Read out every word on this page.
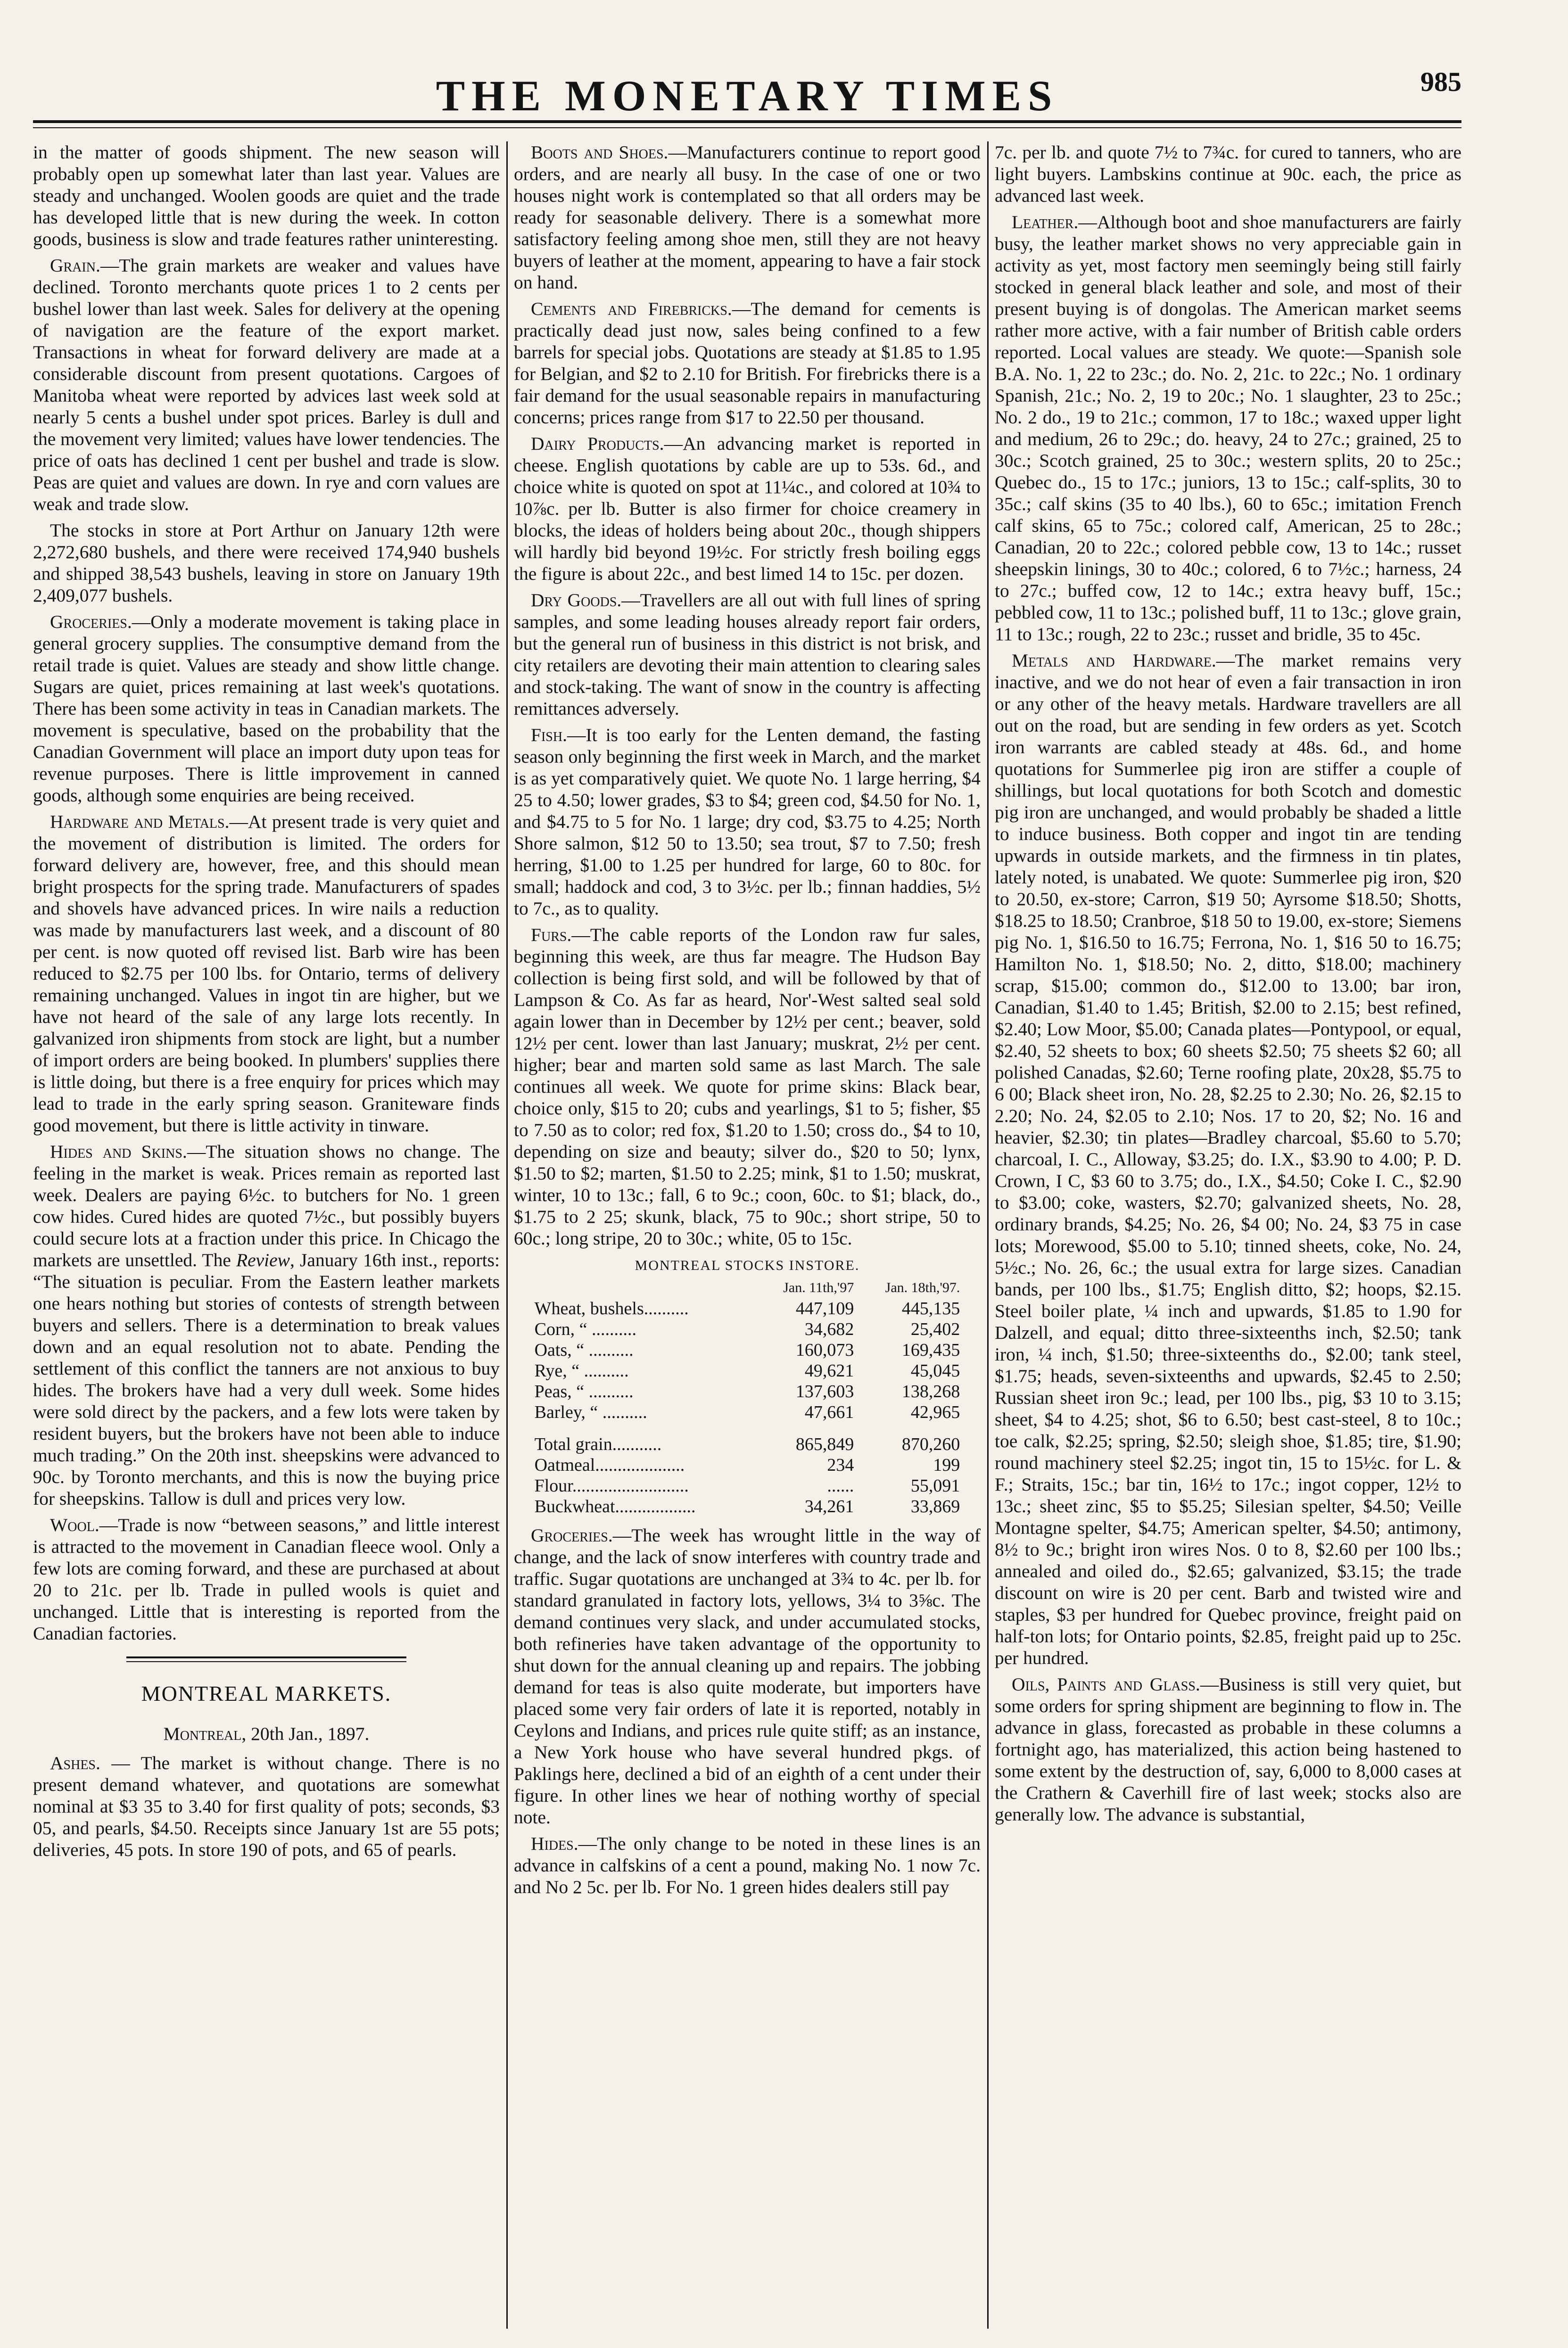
THE MONETARY TIMES	985

in the matter of goods shipment. The new season will probably open up somewhat later than last year. Values are steady and unchanged. Woolen goods are quiet and the trade has developed little that is new during the week. In cotton goods, business is slow and trade features rather uninteresting.

Grain.—The grain markets are weaker and values have declined. Toronto merchants quote prices 1 to 2 cents per bushel lower than last week. Sales for delivery at the opening of navigation are the feature of the export market. Transactions in wheat for forward delivery are made at a considerable discount from present quotations. Cargoes of Manitoba wheat were reported by advices last week sold at nearly 5 cents a bushel under spot prices. Barley is dull and the movement very limited; values have lower tendencies. The price of oats has declined 1 cent per bushel and trade is slow. Peas are quiet and values are down. In rye and corn values are weak and trade slow.

The stocks in store at Port Arthur on January 12th were 2,272,680 bushels, and there were received 174,940 bushels and shipped 38,543 bushels, leaving in store on January 19th 2,409,077 bushels.

Groceries.—Only a moderate movement is taking place in general grocery supplies. The consumptive demand from the retail trade is quiet. Values are steady and show little change. Sugars are quiet, prices remaining at last week's quotations. There has been some activity in teas in Canadian markets. The movement is speculative, based on the probability that the Canadian Government will place an import duty upon teas for revenue purposes. There is little improvement in canned goods, although some enquiries are being received.

Hardware and Metals.—At present trade is very quiet and the movement of distribution is limited. The orders for forward delivery are, however, free, and this should mean bright prospects for the spring trade. Manufacturers of spades and shovels have advanced prices. In wire nails a reduction was made by manufacturers last week, and a discount of 80 per cent. is now quoted off revised list. Barb wire has been reduced to $2.75 per 100 lbs. for Ontario, terms of delivery remaining unchanged. Values in ingot tin are higher, but we have not heard of the sale of any large lots recently. In galvanized iron shipments from stock are light, but a number of import orders are being booked. In plumbers' supplies there is little doing, but there is a free enquiry for prices which may lead to trade in the early spring season. Graniteware finds good movement, but there is little activity in tinware.

Hides and Skins.—The situation shows no change. The feeling in the market is weak. Prices remain as reported last week. Dealers are paying 6½c. to butchers for No. 1 green cow hides. Cured hides are quoted 7½c., but possibly buyers could secure lots at a fraction under this price. In Chicago the markets are unsettled. The Review, January 16th inst., reports: “The situation is peculiar. From the Eastern leather markets one hears nothing but stories of contests of strength between buyers and sellers. There is a determination to break values down and an equal resolution not to abate. Pending the settlement of this conflict the tanners are not anxious to buy hides. The brokers have had a very dull week. Some hides were sold direct by the packers, and a few lots were taken by resident buyers, but the brokers have not been able to induce much trading.” On the 20th inst. sheepskins were advanced to 90c. by Toronto merchants, and this is now the buying price for sheepskins. Tallow is dull and prices very low.

Wool.—Trade is now “between seasons,” and little interest is attracted to the movement in Canadian fleece wool. Only a few lots are coming forward, and these are purchased at about 20 to 21c. per lb. Trade in pulled wools is quiet and unchanged. Little that is interesting is reported from the Canadian factories.

MONTREAL MARKETS.
Montreal, 20th Jan., 1897.

Ashes. — The market is without change. There is no present demand whatever, and quotations are somewhat nominal at $3 35 to 3.40 for first quality of pots; seconds, $3 05, and pearls, $4.50. Receipts since January 1st are 55 pots; deliveries, 45 pots. In store 190 of pots, and 65 of pearls.

Boots and Shoes.—Manufacturers continue to report good orders, and are nearly all busy. In the case of one or two houses night work is contemplated so that all orders may be ready for seasonable delivery. There is a somewhat more satisfactory feeling among shoe men, still they are not heavy buyers of leather at the moment, appearing to have a fair stock on hand.

Cements and Firebricks.—The demand for cements is practically dead just now, sales being confined to a few barrels for special jobs. Quotations are steady at $1.85 to 1.95 for Belgian, and $2 to 2.10 for British. For firebricks there is a fair demand for the usual seasonable repairs in manufacturing concerns; prices range from $17 to 22.50 per thousand.

Dairy Products.—An advancing market is reported in cheese. English quotations by cable are up to 53s. 6d., and choice white is quoted on spot at 11¼c., and colored at 10¾ to 10⅞c. per lb. Butter is also firmer for choice creamery in blocks, the ideas of holders being about 20c., though shippers will hardly bid beyond 19½c. For strictly fresh boiling eggs the figure is about 22c., and best limed 14 to 15c. per dozen.

Dry Goods.—Travellers are all out with full lines of spring samples, and some leading houses already report fair orders, but the general run of business in this district is not brisk, and city retailers are devoting their main attention to clearing sales and stock-taking. The want of snow in the country is affecting remittances adversely.

Fish.—It is too early for the Lenten demand, the fasting season only beginning the first week in March, and the market is as yet comparatively quiet. We quote No. 1 large herring, $4 25 to 4.50; lower grades, $3 to $4; green cod, $4.50 for No. 1, and $4.75 to 5 for No. 1 large; dry cod, $3.75 to 4.25; North Shore salmon, $12 50 to 13.50; sea trout, $7 to 7.50; fresh herring, $1.00 to 1.25 per hundred for large, 60 to 80c. for small; haddock and cod, 3 to 3½c. per lb.; finnan haddies, 5½ to 7c., as to quality.

Furs.—The cable reports of the London raw fur sales, beginning this week, are thus far meagre. The Hudson Bay collection is being first sold, and will be followed by that of Lampson & Co. As far as heard, Nor'-West salted seal sold again lower than in December by 12½ per cent.; beaver, sold 12½ per cent. lower than last January; muskrat, 2½ per cent. higher; bear and marten sold same as last March. The sale continues all week. We quote for prime skins: Black bear, choice only, $15 to 20; cubs and yearlings, $1 to 5; fisher, $5 to 7.50 as to color; red fox, $1.20 to 1.50; cross do., $4 to 10, depending on size and beauty; silver do., $20 to 50; lynx, $1.50 to $2; marten, $1.50 to 2.25; mink, $1 to 1.50; muskrat, winter, 10 to 13c.; fall, 6 to 9c.; coon, 60c. to $1; black, do., $1.75 to 2 25; skunk, black, 75 to 90c.; short stripe, 50 to 60c.; long stripe, 20 to 30c.; white, 05 to 15c.

MONTREAL STOCKS INSTORE.
	Jan. 11th,'97	Jan. 18th,'97.
Wheat, bushels..........	447,109	445,135
Corn, “ ..........	34,682	25,402
Oats, “ ..........	160,073	169,435
Rye, “ ..........	49,621	45,045
Peas, “ ..........	137,603	138,268
Barley, “ ..........	47,661	42,965
Total grain...........	865,849	870,260
Oatmeal....................	234	199
Flour..........................	......	55,091
Buckwheat..................	34,261	33,869

Groceries.—The week has wrought little in the way of change, and the lack of snow interferes with country trade and traffic. Sugar quotations are unchanged at 3¾ to 4c. per lb. for standard granulated in factory lots, yellows, 3¼ to 3⅝c. The demand continues very slack, and under accumulated stocks, both refineries have taken advantage of the opportunity to shut down for the annual cleaning up and repairs. The jobbing demand for teas is also quite moderate, but importers have placed some very fair orders of late it is reported, notably in Ceylons and Indians, and prices rule quite stiff; as an instance, a New York house who have several hundred pkgs. of Paklings here, declined a bid of an eighth of a cent under their figure. In other lines we hear of nothing worthy of special note.

Hides.—The only change to be noted in these lines is an advance in calfskins of a cent a pound, making No. 1 now 7c. and No 2 5c. per lb. For No. 1 green hides dealers still pay

7c. per lb. and quote 7½ to 7¾c. for cured to tanners, who are light buyers. Lambskins continue at 90c. each, the price as advanced last week.

Leather.—Although boot and shoe manufacturers are fairly busy, the leather market shows no very appreciable gain in activity as yet, most factory men seemingly being still fairly stocked in general black leather and sole, and most of their present buying is of dongolas. The American market seems rather more active, with a fair number of British cable orders reported. Local values are steady. We quote:—Spanish sole B.A. No. 1, 22 to 23c.; do. No. 2, 21c. to 22c.; No. 1 ordinary Spanish, 21c.; No. 2, 19 to 20c.; No. 1 slaughter, 23 to 25c.; No. 2 do., 19 to 21c.; common, 17 to 18c.; waxed upper light and medium, 26 to 29c.; do. heavy, 24 to 27c.; grained, 25 to 30c.; Scotch grained, 25 to 30c.; western splits, 20 to 25c.; Quebec do., 15 to 17c.; juniors, 13 to 15c.; calf-splits, 30 to 35c.; calf skins (35 to 40 lbs.), 60 to 65c.; imitation French calf skins, 65 to 75c.; colored calf, American, 25 to 28c.; Canadian, 20 to 22c.; colored pebble cow, 13 to 14c.; russet sheepskin linings, 30 to 40c.; colored, 6 to 7½c.; harness, 24 to 27c.; buffed cow, 12 to 14c.; extra heavy buff, 15c.; pebbled cow, 11 to 13c.; polished buff, 11 to 13c.; glove grain, 11 to 13c.; rough, 22 to 23c.; russet and bridle, 35 to 45c.

Metals and Hardware.—The market remains very inactive, and we do not hear of even a fair transaction in iron or any other of the heavy metals. Hardware travellers are all out on the road, but are sending in few orders as yet. Scotch iron warrants are cabled steady at 48s. 6d., and home quotations for Summerlee pig iron are stiffer a couple of shillings, but local quotations for both Scotch and domestic pig iron are unchanged, and would probably be shaded a little to induce business. Both copper and ingot tin are tending upwards in outside markets, and the firmness in tin plates, lately noted, is unabated. We quote: Summerlee pig iron, $20 to 20.50, ex-store; Carron, $19 50; Ayrsome $18.50; Shotts, $18.25 to 18.50; Cranbroe, $18 50 to 19.00, ex-store; Siemens pig No. 1, $16.50 to 16.75; Ferrona, No. 1, $16 50 to 16.75; Hamilton No. 1, $18.50; No. 2, ditto, $18.00; machinery scrap, $15.00; common do., $12.00 to 13.00; bar iron, Canadian, $1.40 to 1.45; British, $2.00 to 2.15; best refined, $2.40; Low Moor, $5.00; Canada plates—Pontypool, or equal, $2.40, 52 sheets to box; 60 sheets $2.50; 75 sheets $2 60; all polished Canadas, $2.60; Terne roofing plate, 20x28, $5.75 to 6 00; Black sheet iron, No. 28, $2.25 to 2.30; No. 26, $2.15 to 2.20; No. 24, $2.05 to 2.10; Nos. 17 to 20, $2; No. 16 and heavier, $2.30; tin plates—Bradley charcoal, $5.60 to 5.70; charcoal, I. C., Alloway, $3.25; do. I.X., $3.90 to 4.00; P. D. Crown, I C, $3 60 to 3.75; do., I.X., $4.50; Coke I. C., $2.90 to $3.00; coke, wasters, $2.70; galvanized sheets, No. 28, ordinary brands, $4.25; No. 26, $4 00; No. 24, $3 75 in case lots; Morewood, $5.00 to 5.10; tinned sheets, coke, No. 24, 5½c.; No. 26, 6c.; the usual extra for large sizes. Canadian bands, per 100 lbs., $1.75; English ditto, $2; hoops, $2.15. Steel boiler plate, ¼ inch and upwards, $1.85 to 1.90 for Dalzell, and equal; ditto three-sixteenths inch, $2.50; tank iron, ¼ inch, $1.50; three-sixteenths do., $2.00; tank steel, $1.75; heads, seven-sixteenths and upwards, $2.45 to 2.50; Russian sheet iron 9c.; lead, per 100 lbs., pig, $3 10 to 3.15; sheet, $4 to 4.25; shot, $6 to 6.50; best cast-steel, 8 to 10c.; toe calk, $2.25; spring, $2.50; sleigh shoe, $1.85; tire, $1.90; round machinery steel $2.25; ingot tin, 15 to 15½c. for L. & F.; Straits, 15c.; bar tin, 16½ to 17c.; ingot copper, 12½ to 13c.; sheet zinc, $5 to $5.25; Silesian spelter, $4.50; Veille Montagne spelter, $4.75; American spelter, $4.50; antimony, 8½ to 9c.; bright iron wires Nos. 0 to 8, $2.60 per 100 lbs.; annealed and oiled do., $2.65; galvanized, $3.15; the trade discount on wire is 20 per cent. Barb and twisted wire and staples, $3 per hundred for Quebec province, freight paid on half-ton lots; for Ontario points, $2.85, freight paid up to 25c. per hundred.

Oils, Paints and Glass.—Business is still very quiet, but some orders for spring shipment are beginning to flow in. The advance in glass, forecasted as probable in these columns a fortnight ago, has materialized, this action being hastened to some extent by the destruction of, say, 6,000 to 8,000 cases at the Crathern & Caverhill fire of last week; stocks also are generally low. The advance is substantial,
